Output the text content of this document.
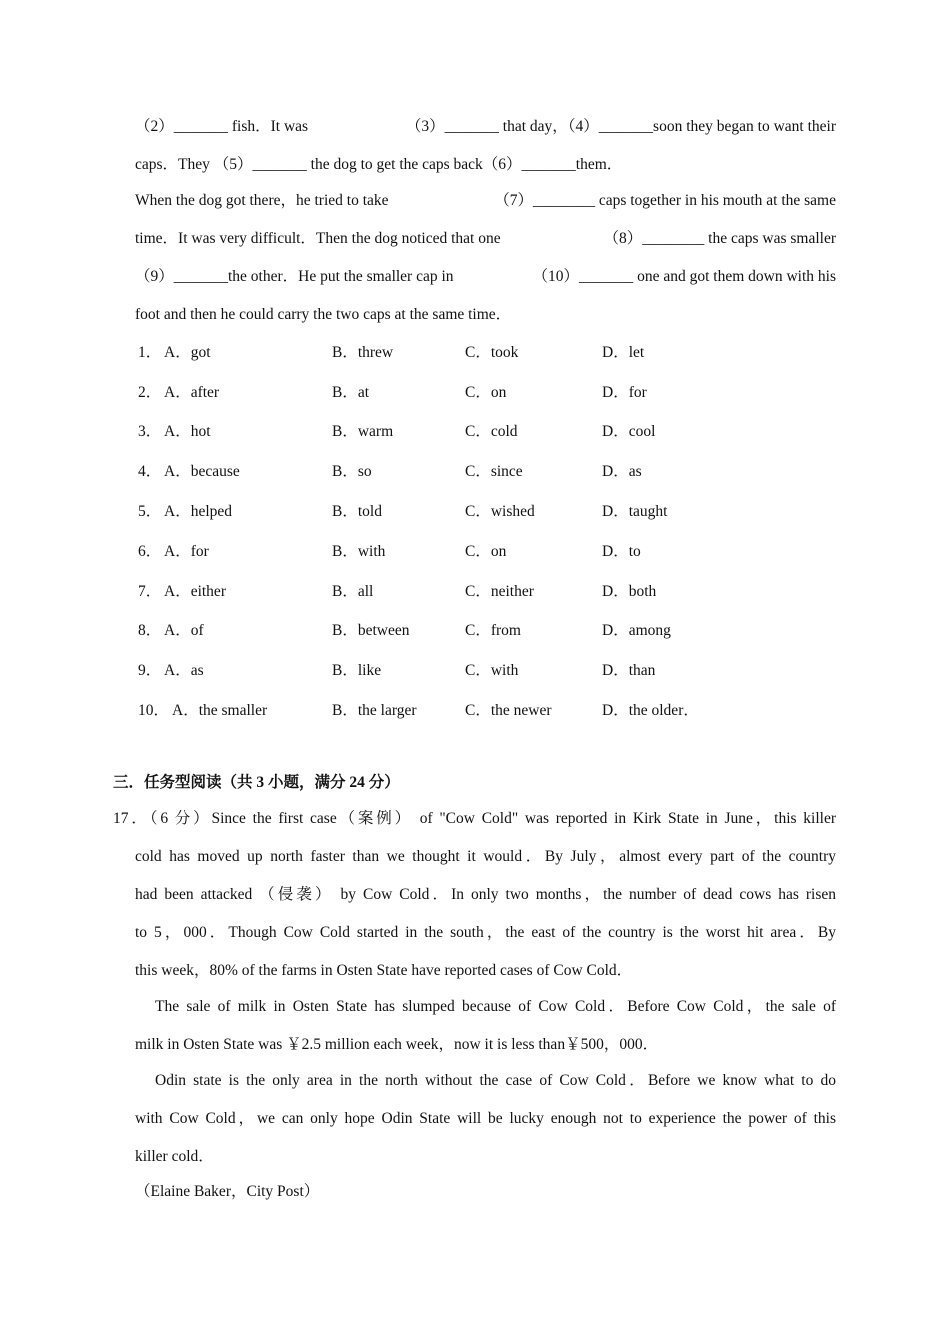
（2）_______ fish．It was	（3）_______ that day，（4）_______soon they began to want their
caps．They （5）_______ the dog to get the caps back（6）_______them．
When the dog got there，he tried to take	（7）________ caps together in his mouth at the same
time．It was very difficult．Then the dog noticed that one	（8）________ the caps was smaller
（9）_______the other．He put the smaller cap in	（10）_______ one and got them down with his
foot and then he could carry the two caps at the same time．
1． A．got	B．threw	C．took	D．let
2． A．after	B．at	C．on	D．for
3． A．hot	B．warm	C．cold	D．cool
4． A．because	B．so	C．since	D．as
5． A．helped	B．told	C．wished	D．taught
6． A．for	B．with	C．on	D．to
7． A．either	B．all	C．neither	D．both
8． A．of	B．between	C．from	D．among
9． A．as	B．like	C．with	D．than
10． A．the smaller	B．the larger	C．the newer	D．the older．
三．任务型阅读（共 3 小题，满分 24 分）
17．（6 分）Since the first case（案例） of "Cow Cold" was reported in Kirk State in June，this killer
cold has moved up north faster than we thought it would．By July，almost every part of the country
had been attacked （侵袭） by Cow Cold．In only two months，the number of dead cows has risen
to 5，000．Though Cow Cold started in the south，the east of the country is the worst hit area．By
this week，80% of the farms in Osten State have reported cases of Cow Cold．
The sale of milk in Osten State has slumped because of Cow Cold．Before Cow Cold，the sale of
milk in Osten State was ￥2.5 million each week，now it is less than￥500，000．
Odin state is the only area in the north without the case of Cow Cold．Before we know what to do
with Cow Cold，we can only hope Odin State will be lucky enough not to experience the power of this
killer cold．
（Elaine Baker，City Post）
